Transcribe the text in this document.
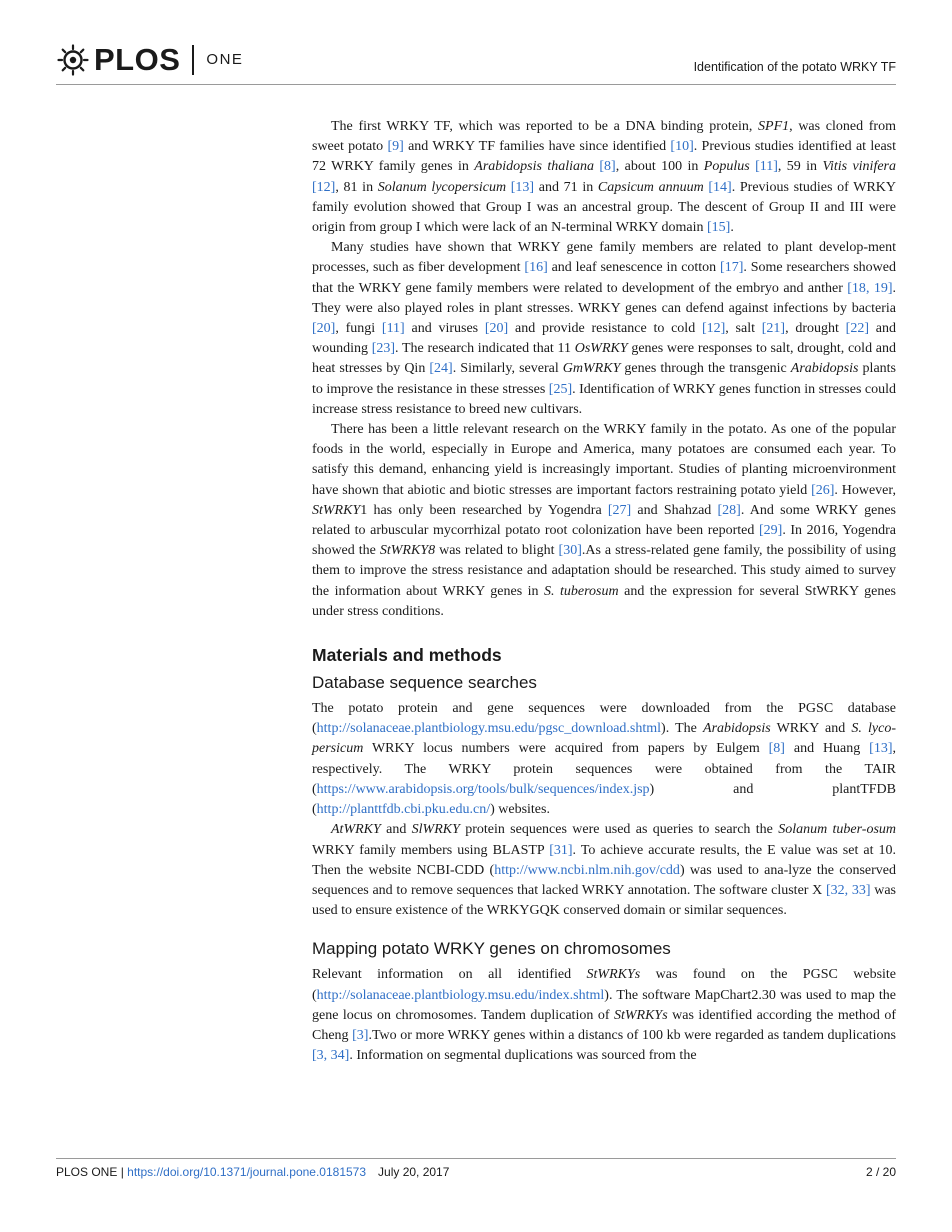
PLOS ONE	Identification of the potato WRKY TF

The first WRKY TF, which was reported to be a DNA binding protein, SPF1, was cloned from sweet potato [9] and WRKY TF families have since identified [10]. Previous studies identified at least 72 WRKY family genes in Arabidopsis thaliana [8], about 100 in Populus [11], 59 in Vitis vinifera [12], 81 in Solanum lycopersicum [13] and 71 in Capsicum annuum [14]. Previous studies of WRKY family evolution showed that Group I was an ancestral group. The descent of Group II and III were origin from group I which were lack of an N-terminal WRKY domain [15].

Many studies have shown that WRKY gene family members are related to plant develop-ment processes, such as fiber development [16] and leaf senescence in cotton [17]. Some researchers showed that the WRKY gene family members were related to development of the embryo and anther [18, 19]. They were also played roles in plant stresses. WRKY genes can defend against infections by bacteria [20], fungi [11] and viruses [20] and provide resistance to cold [12], salt [21], drought [22] and wounding [23]. The research indicated that 11 OsWRKY genes were responses to salt, drought, cold and heat stresses by Qin [24]. Similarly, several GmWRKY genes through the transgenic Arabidopsis plants to improve the resistance in these stresses [25]. Identification of WRKY genes function in stresses could increase stress resistance to breed new cultivars.

There has been a little relevant research on the WRKY family in the potato. As one of the popular foods in the world, especially in Europe and America, many potatoes are consumed each year. To satisfy this demand, enhancing yield is increasingly important. Studies of planting microenvironment have shown that abiotic and biotic stresses are important factors restraining potato yield [26]. However, StWRKY1 has only been researched by Yogendra [27] and Shahzad [28]. And some WRKY genes related to arbuscular mycorrhizal potato root colonization have been reported [29]. In 2016, Yogendra showed the StWRKY8 was related to blight [30].As a stress-related gene family, the possibility of using them to improve the stress resistance and adaptation should be researched. This study aimed to survey the information about WRKY genes in S. tuberosum and the expression for several StWRKY genes under stress conditions.

Materials and methods
Database sequence searches

The potato protein and gene sequences were downloaded from the PGSC database (http://solanaceae.plantbiology.msu.edu/pgsc_download.shtml). The Arabidopsis WRKY and S. lyco-persicum WRKY locus numbers were acquired from papers by Eulgem [8] and Huang [13], respectively. The WRKY protein sequences were obtained from the TAIR (https://www.arabidopsis.org/tools/bulk/sequences/index.jsp) and plantTFDB (http://planttfdb.cbi.pku.edu.cn/) websites.

AtWRKY and SlWRKY protein sequences were used as queries to search the Solanum tuber-osum WRKY family members using BLASTP [31]. To achieve accurate results, the E value was set at 10. Then the website NCBI-CDD (http://www.ncbi.nlm.nih.gov/cdd) was used to ana-lyze the conserved sequences and to remove sequences that lacked WRKY annotation. The software cluster X [32, 33] was used to ensure existence of the WRKYGQK conserved domain or similar sequences.

Mapping potato WRKY genes on chromosomes

Relevant information on all identified StWRKYs was found on the PGSC website (http://solanaceae.plantbiology.msu.edu/index.shtml). The software MapChart2.30 was used to map the gene locus on chromosomes. Tandem duplication of StWRKYs was identified according the method of Cheng [3].Two or more WRKY genes within a distancs of 100 kb were regarded as tandem duplications [3, 34]. Information on segmental duplications was sourced from the

PLOS ONE | https://doi.org/10.1371/journal.pone.0181573 July 20, 2017	2 / 20
